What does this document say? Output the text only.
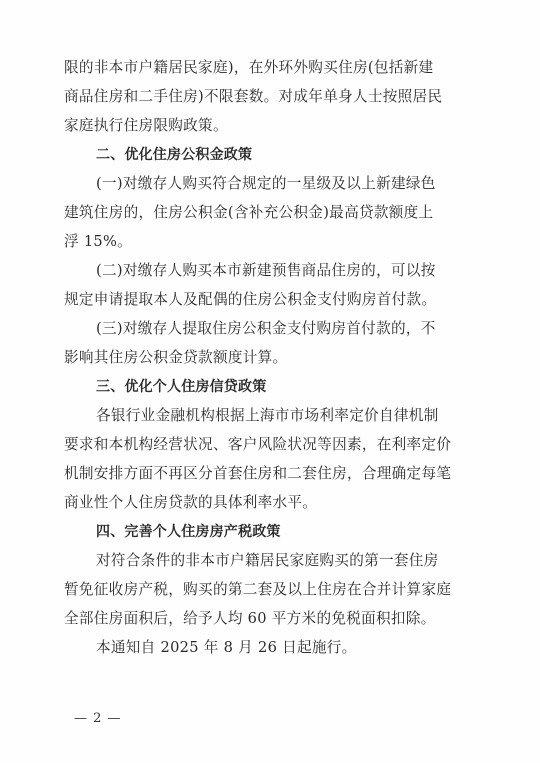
限的非本市户籍居民家庭)，在外环外购买住房(包括新建
商品住房和二手住房)不限套数。对成年单身人士按照居民
家庭执行住房限购政策。
二、优化住房公积金政策
(一)对缴存人购买符合规定的一星级及以上新建绿色
建筑住房的，住房公积金(含补充公积金)最高贷款额度上
浮 15%。
(二)对缴存人购买本市新建预售商品住房的，可以按
规定申请提取本人及配偶的住房公积金支付购房首付款。
(三)对缴存人提取住房公积金支付购房首付款的，不
影响其住房公积金贷款额度计算。
三、优化个人住房信贷政策
各银行业金融机构根据上海市市场利率定价自律机制
要求和本机构经营状况、客户风险状况等因素，在利率定价
机制安排方面不再区分首套住房和二套住房，合理确定每笔
商业性个人住房贷款的具体利率水平。
四、完善个人住房房产税政策
对符合条件的非本市户籍居民家庭购买的第一套住房
暂免征收房产税，购买的第二套及以上住房在合并计算家庭
全部住房面积后，给予人均 60 平方米的免税面积扣除。
本通知自 2025 年 8 月 26 日起施行。
— 2 —
